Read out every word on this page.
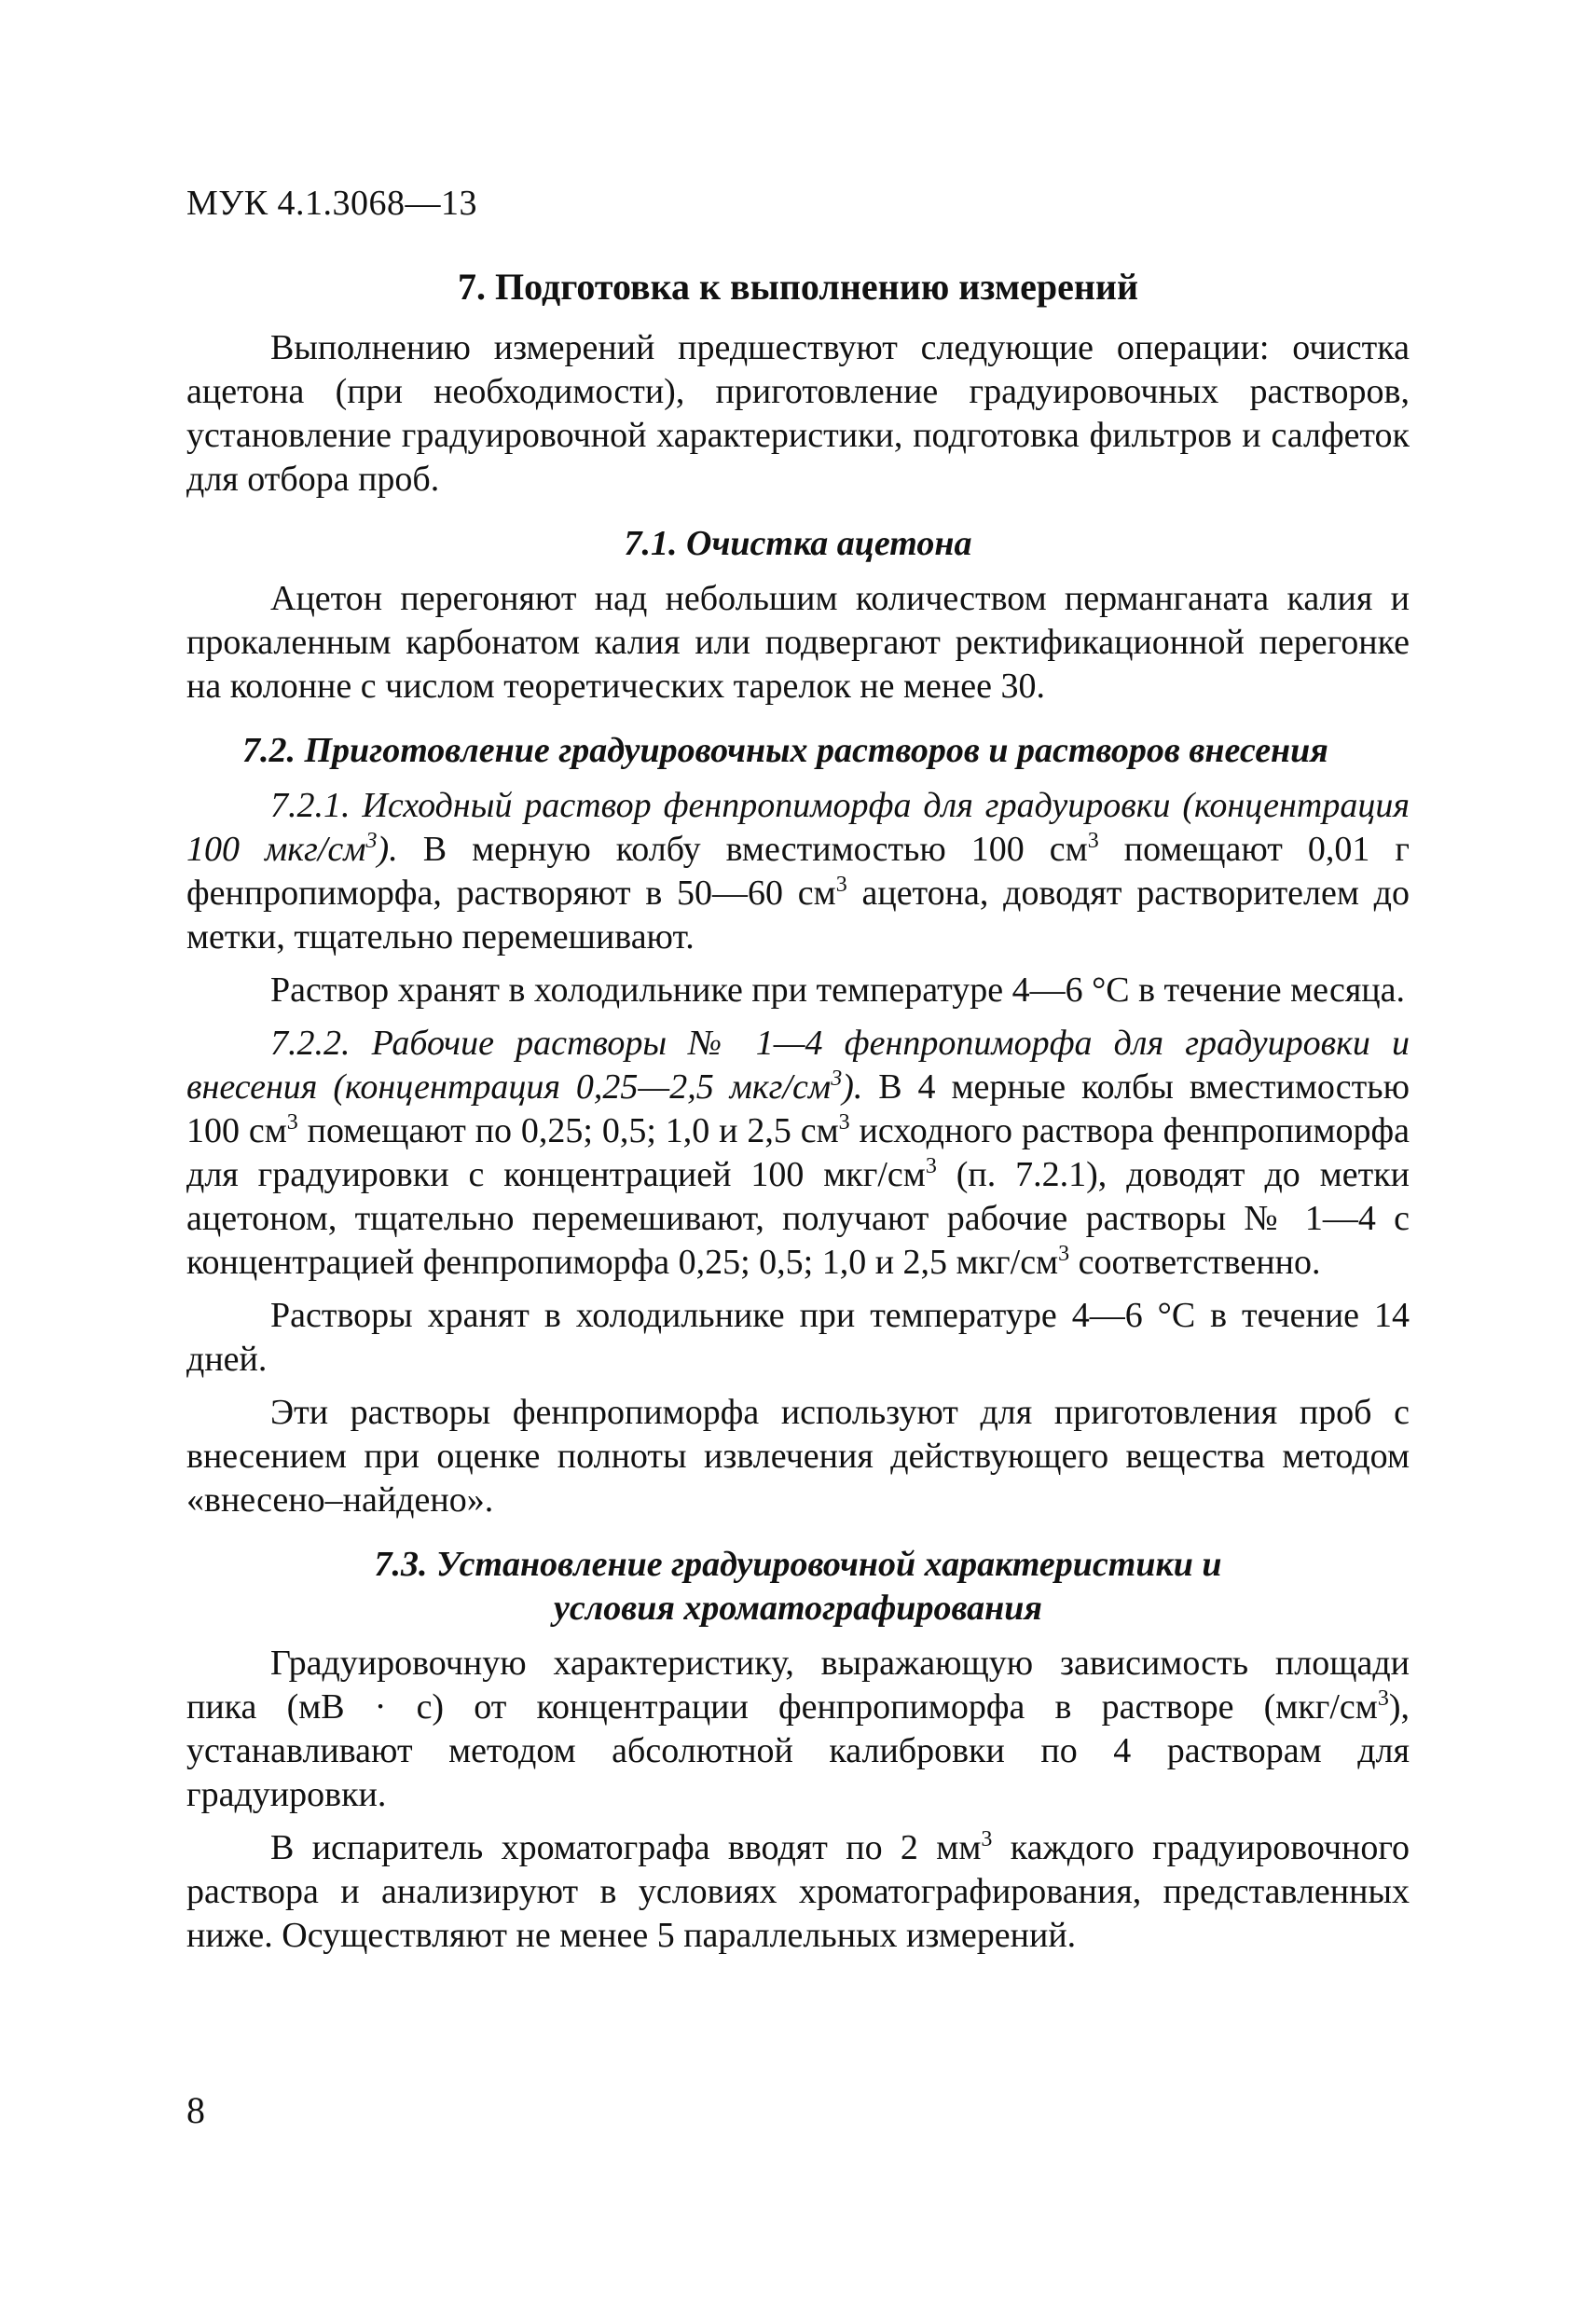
МУК 4.1.3068—13
7. Подготовка к выполнению измерений

Выполнению измерений предшествуют следующие операции: очистка ацетона (при необходимости), приготовление градуировочных растворов, установление градуировочной характеристики, подготовка фильтров и салфеток для отбора проб.

7.1. Очистка ацетона

Ацетон перегоняют над небольшим количеством перманганата калия и прокаленным карбонатом калия или подвергают ректификационной перегонке на колонне с числом теоретических тарелок не менее 30.

7.2. Приготовление градуировочных растворов и растворов внесения

7.2.1. Исходный раствор фенпропиморфа для градуировки (концентрация 100 мкг/$см^3$). В мерную колбу вместимостью 100 $см^3$ помещают 0,01 г фенпропиморфа, растворяют в 50—60 $см^3$ ацетона, доводят растворителем до метки, тщательно перемешивают.

Раствор хранят в холодильнике при температуре 4—6 °С в течение месяца.

7.2.2. Рабочие растворы № 1—4 фенпропиморфа для градуировки и внесения (концентрация 0,25—2,5 мкг/$см^3$). В 4 мерные колбы вместимостью 100 $см^3$ помещают по 0,25; 0,5; 1,0 и 2,5 $см^3$ исходного раствора фенпропиморфа для градуировки с концентрацией 100 мкг/$см^3$ (п. 7.2.1), доводят до метки ацетоном, тщательно перемешивают, получают рабочие растворы № 1—4 с концентрацией фенпропиморфа 0,25; 0,5; 1,0 и 2,5 мкг/$см^3$ соответственно.

Растворы хранят в холодильнике при температуре 4—6 °С в течение 14 дней.

Эти растворы фенпропиморфа используют для приготовления проб с внесением при оценке полноты извлечения действующего вещества методом «внесено–найдено».

7.3. Установление градуировочной характеристики и
условия хроматографирования

Градуировочную характеристику, выражающую зависимость площади пика (мВ · с) от концентрации фенпропиморфа в растворе $(мкг/см^3)$, устанавливают методом абсолютной калибровки по 4 растворам для градуировки.

В испаритель хроматографа вводят по 2 $мм^3$ каждого градуировочного раствора и анализируют в условиях хроматографирования, представленных ниже. Осуществляют не менее 5 параллельных измерений.

8
